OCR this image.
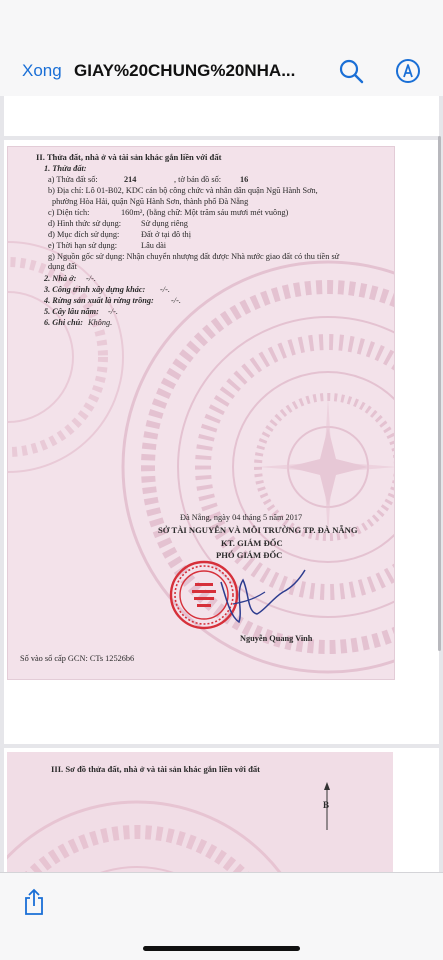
Xong GIAY%20CHUNG%20NHA...
II. Thửa đất, nhà ở và tài sản khác gắn liền với đất
1. Thửa đất:
a) Thửa đất số:	214	, tờ bản đồ số: 16
b) Địa chỉ: Lô 01-B02, KDC cán bộ công chức và nhân dân quận Ngũ Hành Sơn,
phường Hòa Hải, quận Ngũ Hành Sơn, thành phố Đà Nẵng
c) Diện tích:	160m², (bằng chữ: Một trăm sáu mươi mét vuông)
d) Hình thức sử dụng: Sử dụng riêng
đ) Mục đích sử dụng:	Đất ở tại đô thị
e) Thời hạn sử dụng:	Lâu dài
g) Nguồn gốc sử dụng: Nhận chuyển nhượng đất được Nhà nước giao đất có thu tiền sử
dụng đất
2. Nhà ở: -/-.
3. Công trình xây dựng khác: -/-.
4. Rừng sản xuất là rừng trồng: -/-.
5. Cây lâu năm: -/-.
6. Ghi chú: Không.
Đà Nẵng, ngày 04 tháng 5 năm 2017
SỞ TÀI NGUYÊN VÀ MÔI TRƯỜNG TP. ĐÀ NẴNG
KT. GIÁM ĐỐC
PHÓ GIÁM ĐỐC
Nguyễn Quang Vinh
Số vào sổ cấp GCN: CTs 12526b6
III. Sơ đồ thửa đất, nhà ở và tài sản khác gắn liền với đất
B
